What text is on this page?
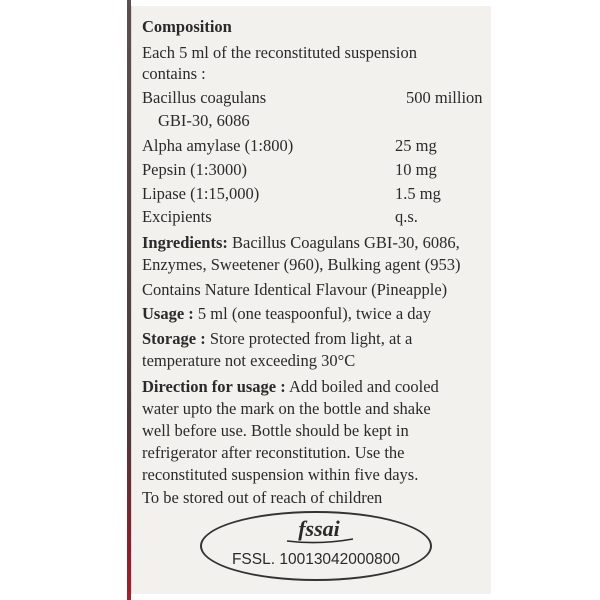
Composition
Each 5 ml of the reconstituted suspension
contains :
Bacillus coagulans	500 million
GBI-30, 6086
Alpha amylase (1:800)	25 mg
Pepsin (1:3000)	10 mg
Lipase (1:15,000)	1.5 mg
Excipients	q.s.
Ingredients: Bacillus Coagulans GBI-30, 6086,
Enzymes, Sweetener (960), Bulking agent (953)
Contains Nature Identical Flavour (Pineapple)
Usage : 5 ml (one teaspoonful), twice a day
Storage : Store protected from light, at a
temperature not exceeding 30°C
Direction for usage : Add boiled and cooled
water upto the mark on the bottle and shake
well before use. Bottle should be kept in
refrigerator after reconstitution. Use the
reconstituted suspension within five days.
To be stored out of reach of children
fssai
FSSL. 10013042000800
